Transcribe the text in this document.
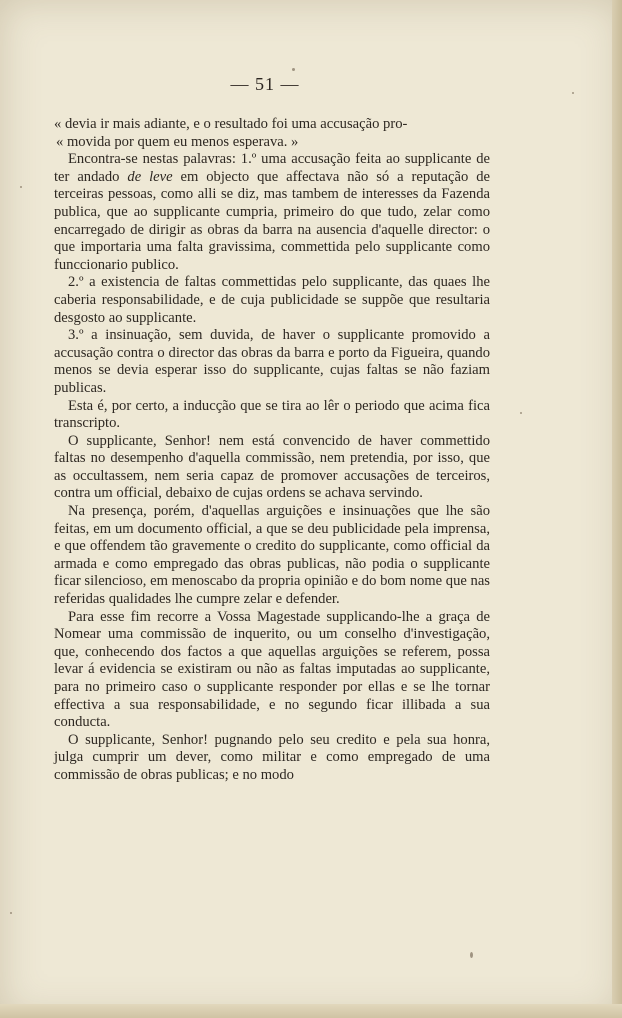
— 51 —

« devia ir mais adiante, e o resultado foi uma accusação pro-

« movida por quem eu menos esperava. »

Encontra-se nestas palavras: 1.º uma accusação feita ao supplicante de ter andado de leve em objecto que affectava não só a reputação de terceiras pessoas, como alli se diz, mas tambem de interesses da Fazenda publica, que ao supplicante cumpria, primeiro do que tudo, zelar como encarregado de dirigir as obras da barra na ausencia d'aquelle director: o que importaria uma falta gravissima, commettida pelo supplicante como funccionario publico.

2.º a existencia de faltas commettidas pelo supplicante, das quaes lhe caberia responsabilidade, e de cuja publicidade se suppõe que resultaria desgosto ao supplicante.

3.º a insinuação, sem duvida, de haver o supplicante promovido a accusação contra o director das obras da barra e porto da Figueira, quando menos se devia esperar isso do supplicante, cujas faltas se não faziam publicas.

Esta é, por certo, a inducção que se tira ao lêr o periodo que acima fica transcripto.

O supplicante, Senhor! nem está convencido de haver commettido faltas no desempenho d'aquella commissão, nem pretendia, por isso, que as occultassem, nem seria capaz de promover accusações de terceiros, contra um official, debaixo de cujas ordens se achava servindo.

Na presença, porém, d'aquellas arguições e insinuações que lhe são feitas, em um documento official, a que se deu publicidade pela imprensa, e que offendem tão gravemente o credito do supplicante, como official da armada e como empregado das obras publicas, não podia o supplicante ficar silencioso, em menoscabo da propria opinião e do bom nome que nas referidas qualidades lhe cumpre zelar e defender.

Para esse fim recorre a Vossa Magestade supplicando-lhe a graça de Nomear uma commissão de inquerito, ou um conselho d'investigação, que, conhecendo dos factos a que aquellas arguições se referem, possa levar á evidencia se existiram ou não as faltas imputadas ao supplicante, para no primeiro caso o supplicante responder por ellas e se lhe tornar effectiva a sua responsabilidade, e no segundo ficar illibada a sua conducta.

O supplicante, Senhor! pugnando pelo seu credito e pela sua honra, julga cumprir um dever, como militar e como empregado de uma commissão de obras publicas; e no modo
